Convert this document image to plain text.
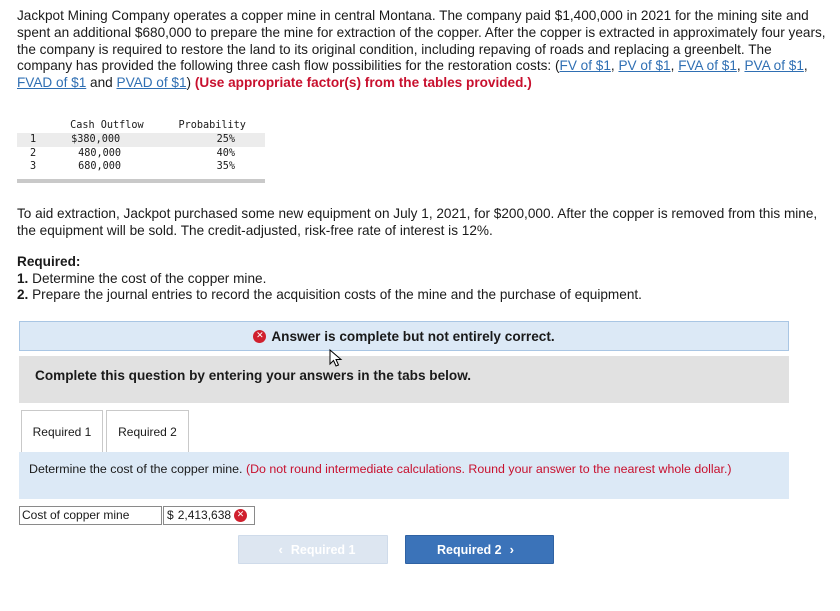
Jackpot Mining Company operates a copper mine in central Montana. The company paid $1,400,000 in 2021 for the mining site and spent an additional $680,000 to prepare the mine for extraction of the copper. After the copper is extracted in approximately four years, the company is required to restore the land to its original condition, including repaving of roads and replacing a greenbelt. The company has provided the following three cash flow possibilities for the restoration costs: (FV of $1, PV of $1, FVA of $1, PVA of $1, FVAD of $1 and PVAD of $1) (Use appropriate factor(s) from the tables provided.)

	Cash Outflow	Probability
1	$380,000	25%
2	480,000	40%
3	680,000	35%

To aid extraction, Jackpot purchased some new equipment on July 1, 2021, for $200,000. After the copper is removed from this mine, the equipment will be sold. The credit-adjusted, risk-free rate of interest is 12%.

Required:
1. Determine the cost of the copper mine.
2. Prepare the journal entries to record the acquisition costs of the mine and the purchase of equipment.
✕ Answer is complete but not entirely correct.
Complete this question by entering your answers in the tabs below.
Required 1	Required 2
Determine the cost of the copper mine. (Do not round intermediate calculations. Round your answer to the nearest whole dollar.)
Cost of copper mine	$ 2,413,638 ✕
‹ Required 1	Required 2 ›
